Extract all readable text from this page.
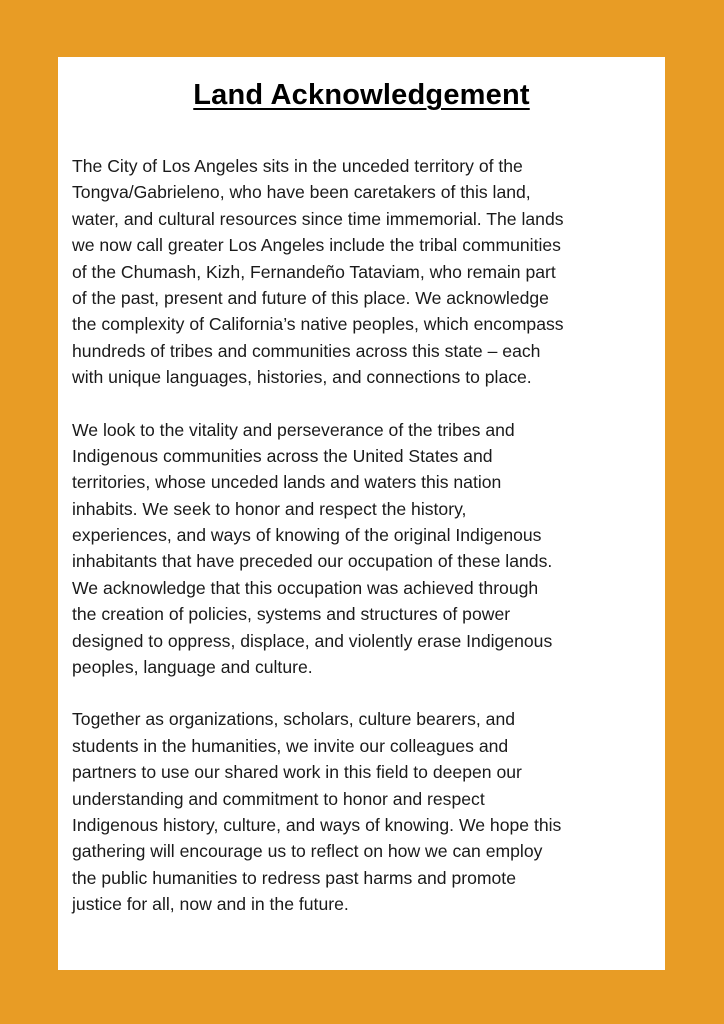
Land Acknowledgement

The City of Los Angeles sits in the unceded territory of the
Tongva/Gabrieleno, who have been caretakers of this land,
water, and cultural resources since time immemorial. The lands
we now call greater Los Angeles include the tribal communities
of the Chumash, Kizh, Fernandeño Tataviam, who remain part
of the past, present and future of this place. We acknowledge
the complexity of California’s native peoples, which encompass
hundreds of tribes and communities across this state – each
with unique languages, histories, and connections to place.

We look to the vitality and perseverance of the tribes and
Indigenous communities across the United States and
territories, whose unceded lands and waters this nation
inhabits. We seek to honor and respect the history,
experiences, and ways of knowing of the original Indigenous
inhabitants that have preceded our occupation of these lands.
We acknowledge that this occupation was achieved through
the creation of policies, systems and structures of power
designed to oppress, displace, and violently erase Indigenous
peoples, language and culture.

Together as organizations, scholars, culture bearers, and
students in the humanities, we invite our colleagues and
partners to use our shared work in this field to deepen our
understanding and commitment to honor and respect
Indigenous history, culture, and ways of knowing. We hope this
gathering will encourage us to reflect on how we can employ
the public humanities to redress past harms and promote
justice for all, now and in the future.
